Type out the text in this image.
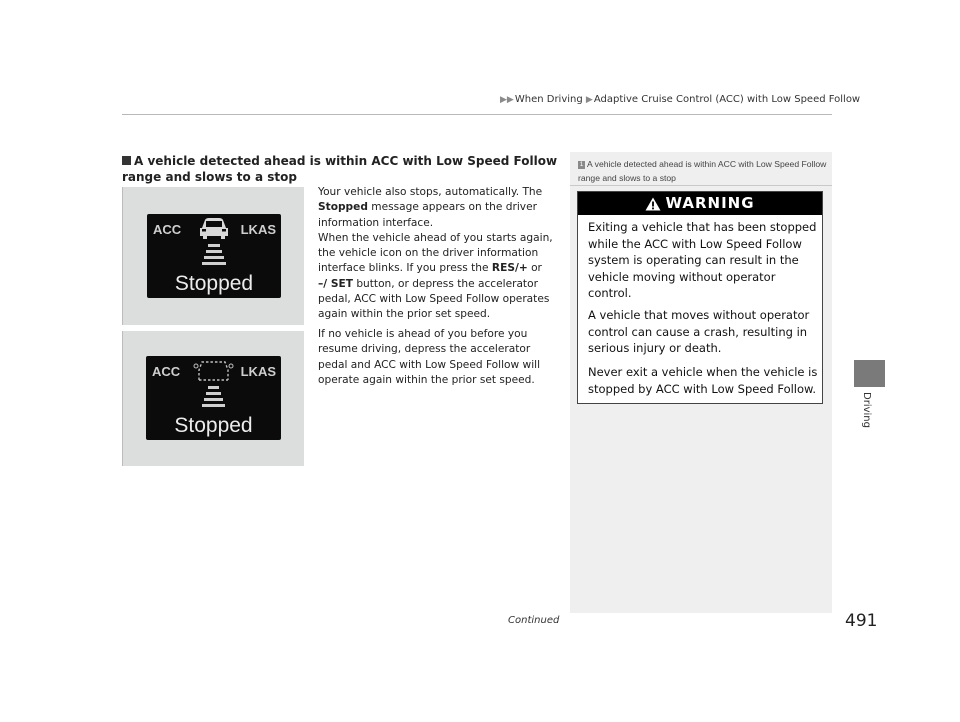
▶▶When Driving ▶Adaptive Cruise Control (ACC) with Low Speed Follow
Driving
A vehicle detected ahead is within ACC with Low Speed Follow range and slows to a stop
ACC	LKAS
Stopped
ACC	LKAS
Stopped
Your vehicle also stops, automatically. The Stopped message appears on the driver information interface.
When the vehicle ahead of you starts again, the vehicle icon on the driver information interface blinks. If you press the RES/+ or –/ SET button, or depress the accelerator pedal, ACC with Low Speed Follow operates again within the prior set speed.
If no vehicle is ahead of you before you resume driving, depress the accelerator pedal and ACC with Low Speed Follow will operate again within the prior set speed.
1 A vehicle detected ahead is within ACC with Low Speed Follow range and slows to a stop
WARNING
Exiting a vehicle that has been stopped while the ACC with Low Speed Follow system is operating can result in the vehicle moving without operator control.
A vehicle that moves without operator control can cause a crash, resulting in serious injury or death.
Never exit a vehicle when the vehicle is stopped by ACC with Low Speed Follow.
Continued	491
